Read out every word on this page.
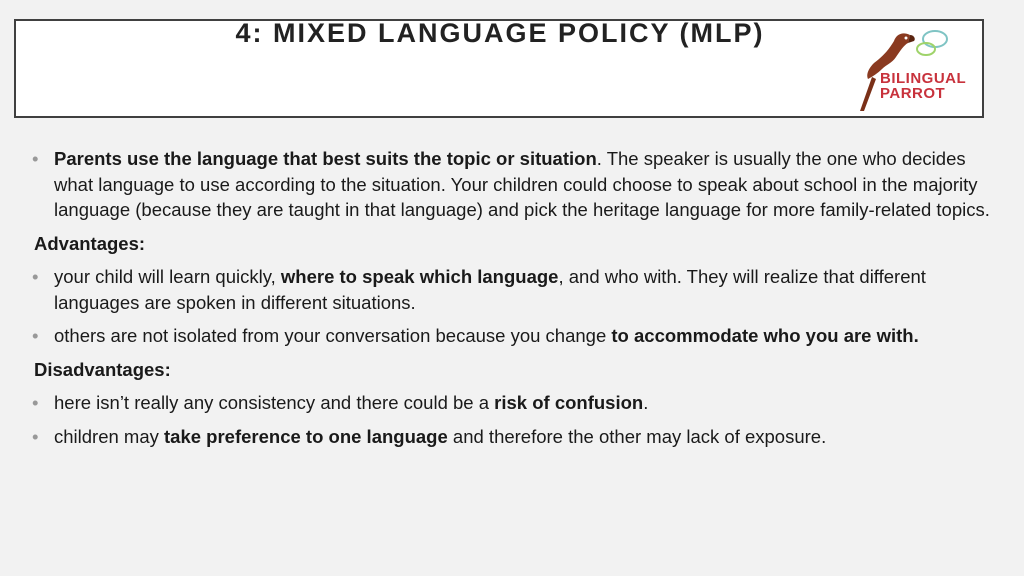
4: MIXED LANGUAGE POLICY (MLP)
BILINGUAL
PARROT
• Parents use the language that best suits the topic or situation. The speaker is usually the one who decides what language to use according to the situation. Your children could choose to speak about school in the majority language (because they are taught in that language) and pick the heritage language for more family-related topics.
Advantages:
• your child will learn quickly, where to speak which language, and who with. They will realize that different languages are spoken in different situations.
• others are not isolated from your conversation because you change to accommodate who you are with.
Disadvantages:
• here isn’t really any consistency and there could be a risk of confusion.
• children may take preference to one language and therefore the other may lack of exposure.
